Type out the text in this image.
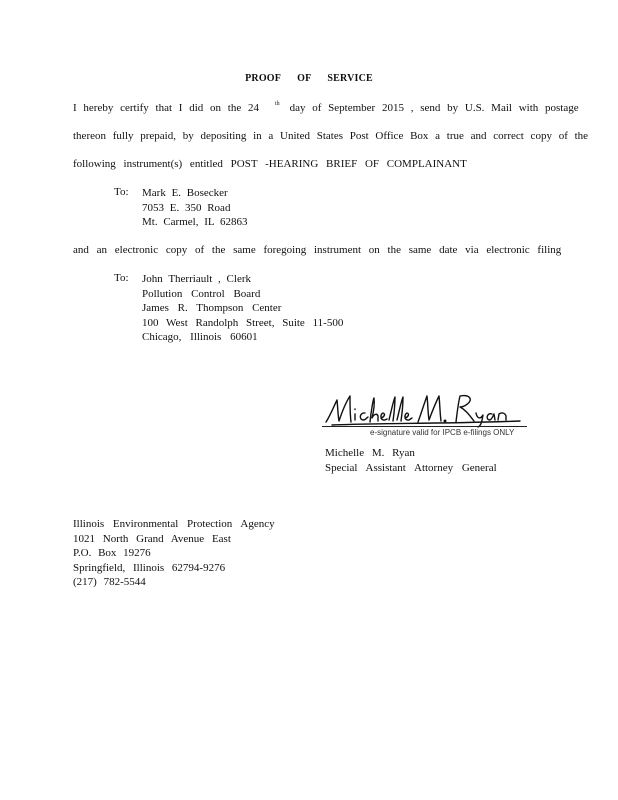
PROOF OF SERVICE
I hereby certify that I did on the 24	$^{th}$ day of September 2015 , send by U.S. Mail with postage
thereon fully prepaid, by depositing in a United States Post Office Box a true and correct copy of the
following instrument(s) entitled POST -HEARING BRIEF OF COMPLAINANT
To: Mark E. Bosecker
7053 E. 350 Road
Mt. Carmel, IL 62863
and an electronic copy of the same foregoing instrument on the same date via electronic filing
To: John Therriault , Clerk
Pollution Control Board
James R. Thompson Center
100 West Randolph Street, Suite 11-500
Chicago, Illinois 60601
e-signature valid for IPCB e-filings ONLY
Michelle M. Ryan
Special Assistant Attorney General
Illinois Environmental Protection Agency
1021 North Grand Avenue East
P.O. Box 19276
Springfield, Illinois 62794-9276
(217) 782-5544
